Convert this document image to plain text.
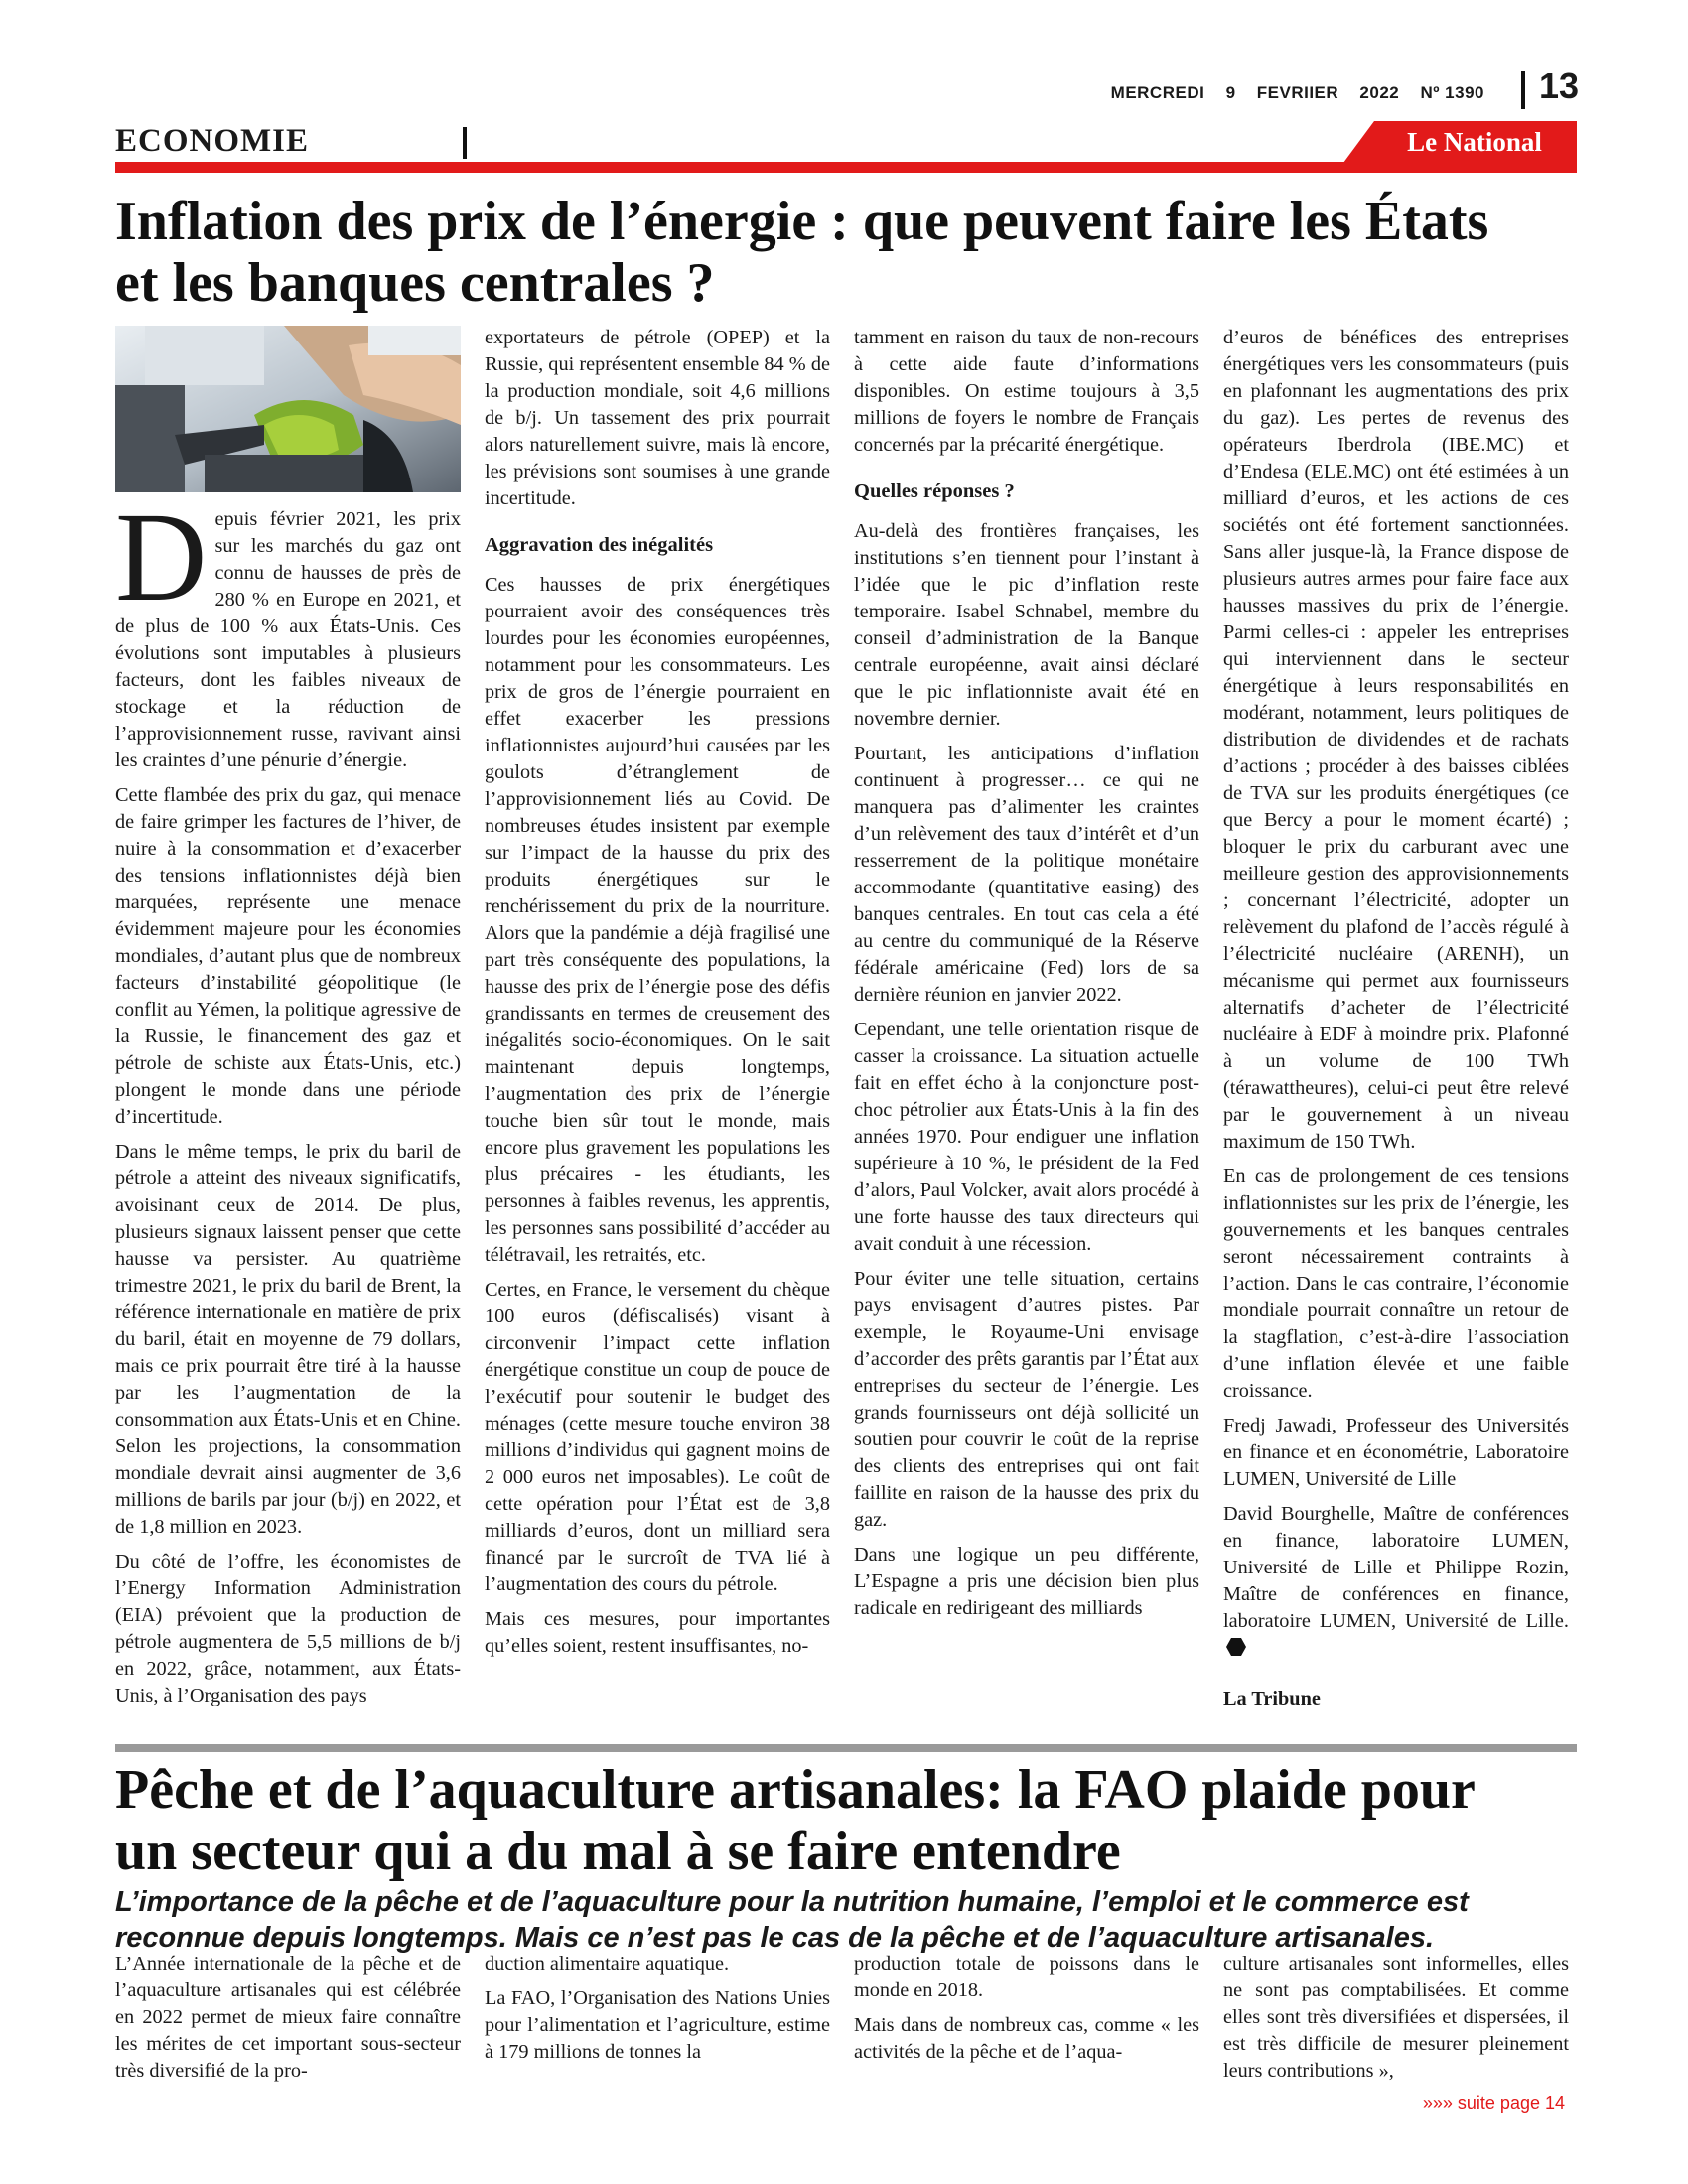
MERCREDI 9 FEVRIIER 2022 Nº 1390 13
ECONOMIE	Le National
Inflation des prix de l’énergie : que peuvent faire les États et les banques centrales ?

Depuis février 2021, les prix sur les marchés du gaz ont connu de hausses de près de 280 % en Europe en 2021, et de plus de 100 % aux États-Unis. Ces évolutions sont imputables à plusieurs facteurs, dont les faibles niveaux de stockage et la réduction de l’approvisionnement russe, ravivant ainsi les craintes d’une pénurie d’énergie.

Cette flambée des prix du gaz, qui menace de faire grimper les factures de l’hiver, de nuire à la consommation et d’exacerber des tensions inflationnistes déjà bien marquées, représente une menace évidemment majeure pour les économies mondiales, d’autant plus que de nombreux facteurs d’instabilité géopolitique (le conflit au Yémen, la politique agressive de la Russie, le financement des gaz et pétrole de schiste aux États-Unis, etc.) plongent le monde dans une période d’incertitude.

Dans le même temps, le prix du baril de pétrole a atteint des niveaux significatifs, avoisinant ceux de 2014. De plus, plusieurs signaux laissent penser que cette hausse va persister. Au quatrième trimestre 2021, le prix du baril de Brent, la référence internationale en matière de prix du baril, était en moyenne de 79 dollars, mais ce prix pourrait être tiré à la hausse par les l’augmentation de la consommation aux États-Unis et en Chine. Selon les projections, la consommation mondiale devrait ainsi augmenter de 3,6 millions de barils par jour (b/j) en 2022, et de 1,8 million en 2023.

Du côté de l’offre, les économistes de l’Energy Information Administration (EIA) prévoient que la production de pétrole augmentera de 5,5 millions de b/j en 2022, grâce, notamment, aux États-Unis, à l’Organisation des pays

exportateurs de pétrole (OPEP) et la Russie, qui représentent ensemble 84 % de la production mondiale, soit 4,6 millions de b/j. Un tassement des prix pourrait alors naturellement suivre, mais là encore, les prévisions sont soumises à une grande incertitude.

Aggravation des inégalités

Ces hausses de prix énergétiques pourraient avoir des conséquences très lourdes pour les économies européennes, notamment pour les consommateurs. Les prix de gros de l’énergie pourraient en effet exacerber les pressions inflationnistes aujourd’hui causées par les goulots d’étranglement de l’approvisionnement liés au Covid. De nombreuses études insistent par exemple sur l’impact de la hausse du prix des produits énergétiques sur le renchérissement du prix de la nourriture. Alors que la pandémie a déjà fragilisé une part très conséquente des populations, la hausse des prix de l’énergie pose des défis grandissants en termes de creusement des inégalités socio-économiques. On le sait maintenant depuis longtemps, l’augmentation des prix de l’énergie touche bien sûr tout le monde, mais encore plus gravement les populations les plus précaires - les étudiants, les personnes à faibles revenus, les apprentis, les personnes sans possibilité d’accéder au télétravail, les retraités, etc.

Certes, en France, le versement du chèque 100 euros (défiscalisés) visant à circonvenir l’impact cette inflation énergétique constitue un coup de pouce de l’exécutif pour soutenir le budget des ménages (cette mesure touche environ 38 millions d’individus qui gagnent moins de 2 000 euros net imposables). Le coût de cette opération pour l’État est de 3,8 milliards d’euros, dont un milliard sera financé par le surcroît de TVA lié à l’augmentation des cours du pétrole.

Mais ces mesures, pour importantes qu’elles soient, restent insuffisantes, no-

tamment en raison du taux de non-recours à cette aide faute d’informations disponibles. On estime toujours à 3,5 millions de foyers le nombre de Français concernés par la précarité énergétique.

Quelles réponses ?

Au-delà des frontières françaises, les institutions s’en tiennent pour l’instant à l’idée que le pic d’inflation reste temporaire. Isabel Schnabel, membre du conseil d’administration de la Banque centrale européenne, avait ainsi déclaré que le pic inflationniste avait été en novembre dernier.

Pourtant, les anticipations d’inflation continuent à progresser… ce qui ne manquera pas d’alimenter les craintes d’un relèvement des taux d’intérêt et d’un resserrement de la politique monétaire accommodante (quantitative easing) des banques centrales. En tout cas cela a été au centre du communiqué de la Réserve fédérale américaine (Fed) lors de sa dernière réunion en janvier 2022.

Cependant, une telle orientation risque de casser la croissance. La situation actuelle fait en effet écho à la conjoncture post-choc pétrolier aux États-Unis à la fin des années 1970. Pour endiguer une inflation supérieure à 10 %, le président de la Fed d’alors, Paul Volcker, avait alors procédé à une forte hausse des taux directeurs qui avait conduit à une récession.

Pour éviter une telle situation, certains pays envisagent d’autres pistes. Par exemple, le Royaume-Uni envisage d’accorder des prêts garantis par l’État aux entreprises du secteur de l’énergie. Les grands fournisseurs ont déjà sollicité un soutien pour couvrir le coût de la reprise des clients des entreprises qui ont fait faillite en raison de la hausse des prix du gaz.

Dans une logique un peu différente, L’Espagne a pris une décision bien plus radicale en redirigeant des milliards

d’euros de bénéfices des entreprises énergétiques vers les consommateurs (puis en plafonnant les augmentations des prix du gaz). Les pertes de revenus des opérateurs Iberdrola (IBE.MC) et d’Endesa (ELE.MC) ont été estimées à un milliard d’euros, et les actions de ces sociétés ont été fortement sanctionnées. Sans aller jusque-là, la France dispose de plusieurs autres armes pour faire face aux hausses massives du prix de l’énergie. Parmi celles-ci : appeler les entreprises qui interviennent dans le secteur énergétique à leurs responsabilités en modérant, notamment, leurs politiques de distribution de dividendes et de rachats d’actions ; procéder à des baisses ciblées de TVA sur les produits énergétiques (ce que Bercy a pour le moment écarté) ; bloquer le prix du carburant avec une meilleure gestion des approvisionnements ; concernant l’électricité, adopter un relèvement du plafond de l’accès régulé à l’électricité nucléaire (ARENH), un mécanisme qui permet aux fournisseurs alternatifs d’acheter de l’électricité nucléaire à EDF à moindre prix. Plafonné à un volume de 100 TWh (térawattheures), celui-ci peut être relevé par le gouvernement à un niveau maximum de 150 TWh.

En cas de prolongement de ces tensions inflationnistes sur les prix de l’énergie, les gouvernements et les banques centrales seront nécessairement contraints à l’action. Dans le cas contraire, l’économie mondiale pourrait connaître un retour de la stagflation, c’est-à-dire l’association d’une inflation élevée et une faible croissance.

Fredj Jawadi, Professeur des Universités en finance et en économétrie, Laboratoire LUMEN, Université de Lille

David Bourghelle, Maître de conférences en finance, laboratoire LUMEN, Université de Lille et Philippe Rozin, Maître de conférences en finance, laboratoire LUMEN, Université de Lille.

La Tribune

Pêche et de l’aquaculture artisanales: la FAO plaide pour un secteur qui a du mal à se faire entendre
L’importance de la pêche et de l’aquaculture pour la nutrition humaine, l’emploi et le commerce est reconnue depuis longtemps. Mais ce n’est pas le cas de la pêche et de l’aquaculture artisanales.

L’Année internationale de la pêche et de l’aquaculture artisanales qui est célébrée en 2022 permet de mieux faire connaître les mérites de cet important sous-secteur très diversifié de la pro-

duction alimentaire aquatique.

La FAO, l’Organisation des Nations Unies pour l’alimentation et l’agriculture, estime à 179 millions de tonnes la

production totale de poissons dans le monde en 2018.

Mais dans de nombreux cas, comme « les activités de la pêche et de l’aqua-

culture artisanales sont informelles, elles ne sont pas comptabilisées. Et comme elles sont très diversifiées et dispersées, il est très difficile de mesurer pleinement leurs contributions »,

»»» suite page 14
